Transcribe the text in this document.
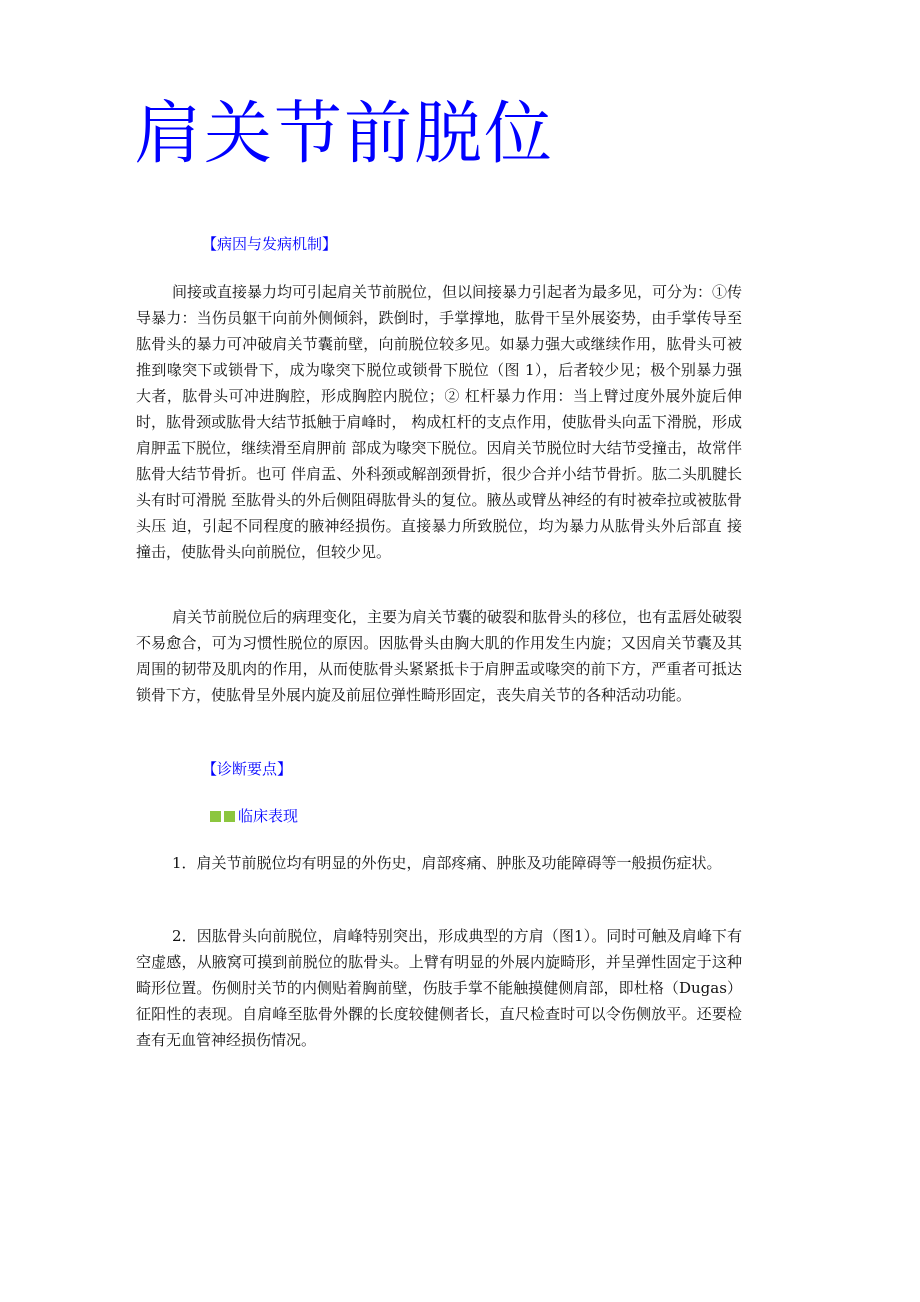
肩关节前脱位
【病因与发病机制】

间接或直接暴力均可引起肩关节前脱位，但以间接暴力引起者为最多见，可分为：①传导暴力：当伤员躯干向前外侧倾斜，跌倒时，手掌撑地，肱骨干呈外展姿势，由手掌传导至肱骨头的暴力可冲破肩关节囊前壁，向前脱位较多见。如暴力强大或继续作用，肱骨头可被推到喙突下或锁骨下，成为喙突下脱位或锁骨下脱位（图 1），后者较少见；极个别暴力强大者，肱骨头可冲进胸腔，形成胸腔内脱位；② 杠杆暴力作用：当上臂过度外展外旋后伸时，肱骨颈或肱骨大结节抵触于肩峰时， 构成杠杆的支点作用，使肱骨头向盂下滑脱，形成肩胛盂下脱位，继续滑至肩胛前 部成为喙突下脱位。因肩关节脱位时大结节受撞击，故常伴肱骨大结节骨折。也可 伴肩盂、外科颈或解剖颈骨折，很少合并小结节骨折。肱二头肌腱长头有时可滑脱 至肱骨头的外后侧阻碍肱骨头的复位。腋丛或臂丛神经的有时被牵拉或被肱骨头压 迫，引起不同程度的腋神经损伤。直接暴力所致脱位，均为暴力从肱骨头外后部直 接撞击，使肱骨头向前脱位，但较少见。

肩关节前脱位后的病理变化，主要为肩关节囊的破裂和肱骨头的移位，也有盂唇处破裂不易愈合，可为习惯性脱位的原因。因肱骨头由胸大肌的作用发生内旋；又因肩关节囊及其周围的韧带及肌肉的作用，从而使肱骨头紧紧抵卡于肩胛盂或喙突的前下方，严重者可抵达锁骨下方，使肱骨呈外展内旋及前屈位弹性畸形固定，丧失肩关节的各种活动功能。

【诊断要点】
临床表现

1．肩关节前脱位均有明显的外伤史，肩部疼痛、肿胀及功能障碍等一般损伤症状。

2．因肱骨头向前脱位，肩峰特别突出，形成典型的方肩（图1）。同时可触及肩峰下有空虚感，从腋窝可摸到前脱位的肱骨头。上臂有明显的外展内旋畸形，并呈弹性固定于这种畸形位置。伤侧肘关节的内侧贴着胸前壁，伤肢手掌不能触摸健侧肩部，即杜格（Dugas）征阳性的表现。自肩峰至肱骨外髁的长度较健侧者长，直尺检查时可以令伤侧放平。还要检查有无血管神经损伤情况。
